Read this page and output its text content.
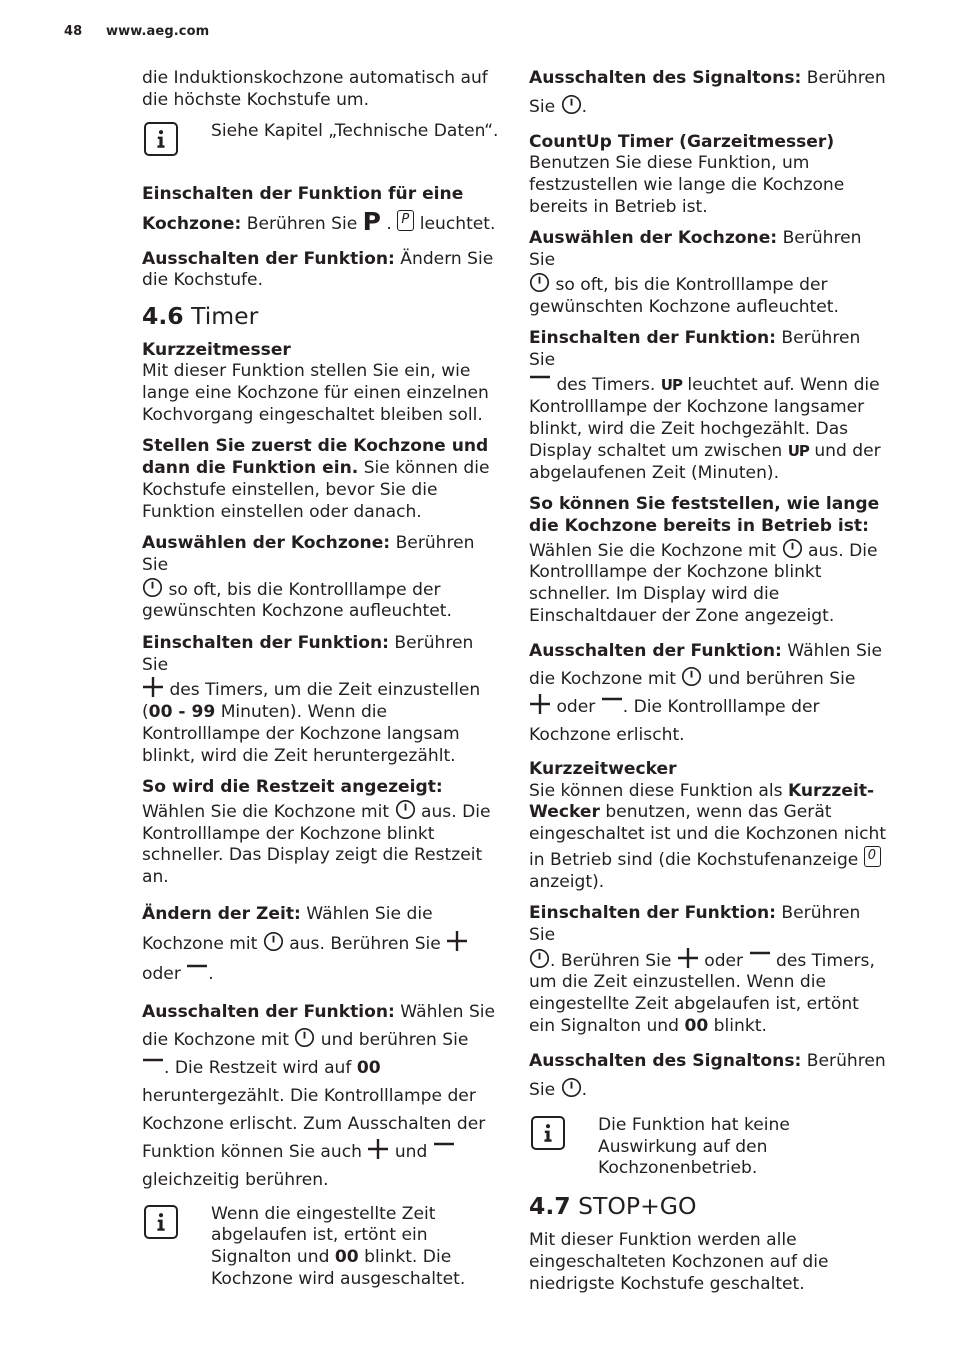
48 www.aeg.com

die Induktionskochzone automatisch auf die höchste Kochstufe um.

Siehe Kapitel „Technische Daten“.

Einschalten der Funktion für eine Kochzone: Berühren Sie P . P leuchtet.

Ausschalten der Funktion: Ändern Sie die Kochstufe.

4.6 Timer

Kurzzeitmesser
Mit dieser Funktion stellen Sie ein, wie lange eine Kochzone für einen einzelnen Kochvorgang eingeschaltet bleiben soll.

Stellen Sie zuerst die Kochzone und dann die Funktion ein. Sie können die Kochstufe einstellen, bevor Sie die Funktion einstellen oder danach.

Auswählen der Kochzone: Berühren Sie

so oft, bis die Kontrolllampe der gewünschten Kochzone aufleuchtet.

Einschalten der Funktion: Berühren Sie

des Timers, um die Zeit einzustellen (00 - 99 Minuten). Wenn die Kontrolllampe der Kochzone langsam blinkt, wird die Zeit heruntergezählt.

So wird die Restzeit angezeigt: Wählen Sie die Kochzone mit aus. Die Kontrolllampe der Kochzone blinkt schneller. Das Display zeigt die Restzeit an.

Ändern der Zeit: Wählen Sie die Kochzone mit aus. Berühren Sie

oder .

Ausschalten der Funktion: Wählen Sie die Kochzone mit und berühren Sie

. Die Restzeit wird auf 00 heruntergezählt. Die Kontrolllampe der Kochzone erlischt. Zum Ausschalten der Funktion können Sie auch und
gleichzeitig berühren.

Wenn die eingestellte Zeit abgelaufen ist, ertönt ein Signalton und 00 blinkt. Die Kochzone wird ausgeschaltet.

Ausschalten des Signaltons: Berühren Sie .

CountUp Timer (Garzeitmesser)
Benutzen Sie diese Funktion, um festzustellen wie lange die Kochzone bereits in Betrieb ist.

Auswählen der Kochzone: Berühren Sie

so oft, bis die Kontrolllampe der gewünschten Kochzone aufleuchtet.

Einschalten der Funktion: Berühren Sie

des Timers. UP leuchtet auf. Wenn die Kontrolllampe der Kochzone langsamer blinkt, wird die Zeit hochgezählt. Das Display schaltet um zwischen UP und der abgelaufenen Zeit (Minuten).

So können Sie feststellen, wie lange die Kochzone bereits in Betrieb ist:
Wählen Sie die Kochzone mit aus. Die Kontrolllampe der Kochzone blinkt schneller. Im Display wird die Einschaltdauer der Zone angezeigt.

Ausschalten der Funktion: Wählen Sie die Kochzone mit und berühren Sie

oder . Die Kontrolllampe der Kochzone erlischt.

Kurzzeitwecker
Sie können diese Funktion als Kurzzeit-Wecker benutzen, wenn das Gerät eingeschaltet ist und die Kochzonen nicht in Betrieb sind (die Kochstufenanzeige 0
anzeigt).

Einschalten der Funktion: Berühren Sie

. Berühren Sie oder des Timers, um die Zeit einzustellen. Wenn die eingestellte Zeit abgelaufen ist, ertönt ein Signalton und 00 blinkt.

Ausschalten des Signaltons: Berühren Sie .

Die Funktion hat keine Auswirkung auf den Kochzonenbetrieb.
4.7 STOP+GO

Mit dieser Funktion werden alle eingeschalteten Kochzonen auf die niedrigste Kochstufe geschaltet.
